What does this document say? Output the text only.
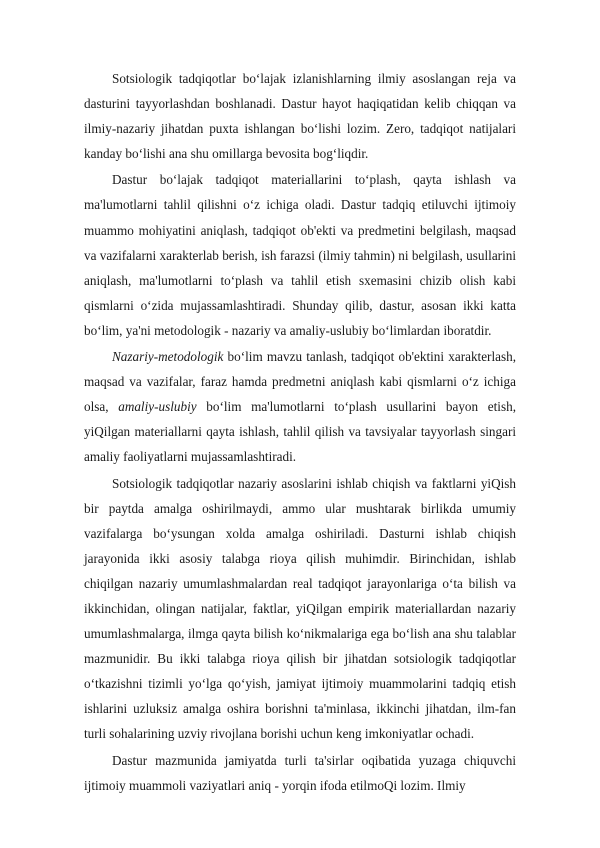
Sotsiologik tadqiqotlar bo‘lajak izlanishlarning ilmiy asoslangan reja va dasturini tayyorlashdan boshlanadi. Dastur hayot haqiqatidan kelib chiqqan va ilmiy-nazariy jihatdan puxta ishlangan bo‘lishi lozim. Zero, tadqiqot natijalari kanday bo‘lishi ana shu omillarga bevosita bog‘liqdir.

Dastur bo‘lajak tadqiqot materiallarini to‘plash, qayta ishlash va ma'lumotlarni tahlil qilishni o‘z ichiga oladi. Dastur tadqiq etiluvchi ijtimoiy muammo mohiyatini aniqlash, tadqiqot ob'ekti va predmetini belgilash, maqsad va vazifalarni xarakterlab berish, ish farazsi (ilmiy tahmin) ni belgilash, usullarini aniqlash, ma'lumotlarni to‘plash va tahlil etish sxemasini chizib olish kabi qismlarni o‘zida mujassamlashtiradi. Shunday qilib, dastur, asosan ikki katta bo‘lim, ya'ni metodologik - nazariy va amaliy-uslubiy bo‘limlardan iboratdir.

Nazariy-metodologik bo‘lim mavzu tanlash, tadqiqot ob'ektini xarakterlash, maqsad va vazifalar, faraz hamda predmetni aniqlash kabi qismlarni o‘z ichiga olsa, amaliy-uslubiy bo‘lim ma'lumotlarni to‘plash usullarini bayon etish, yiQilgan materiallarni qayta ishlash, tahlil qilish va tavsiyalar tayyorlash singari amaliy faoliyatlarni mujassamlashtiradi.

Sotsiologik tadqiqotlar nazariy asoslarini ishlab chiqish va faktlarni yiQish bir paytda amalga oshirilmaydi, ammo ular mushtarak birlikda umumiy vazifalarga bo‘ysungan xolda amalga oshiriladi. Dasturni ishlab chiqish jarayonida ikki asosiy talabga rioya qilish muhimdir. Birinchidan, ishlab chiqilgan nazariy umumlashmalardan real tadqiqot jarayonlariga o‘ta bilish va ikkinchidan, olingan natijalar, faktlar, yiQilgan empirik materiallardan nazariy umumlashmalarga, ilmga qayta bilish ko‘nikmalariga ega bo‘lish ana shu talablar mazmunidir. Bu ikki talabga rioya qilish bir jihatdan sotsiologik tadqiqotlar o‘tkazishni tizimli yo‘lga qo‘yish, jamiyat ijtimoiy muammolarini tadqiq etish ishlarini uzluksiz amalga oshira borishni ta'minlasa, ikkinchi jihatdan, ilm-fan turli sohalarining uzviy rivojlana borishi uchun keng imkoniyatlar ochadi.

Dastur mazmunida jamiyatda turli ta'sirlar oqibatida yuzaga chiquvchi ijtimoiy muammoli vaziyatlari aniq - yorqin ifoda etilmoQi lozim. Ilmiy
